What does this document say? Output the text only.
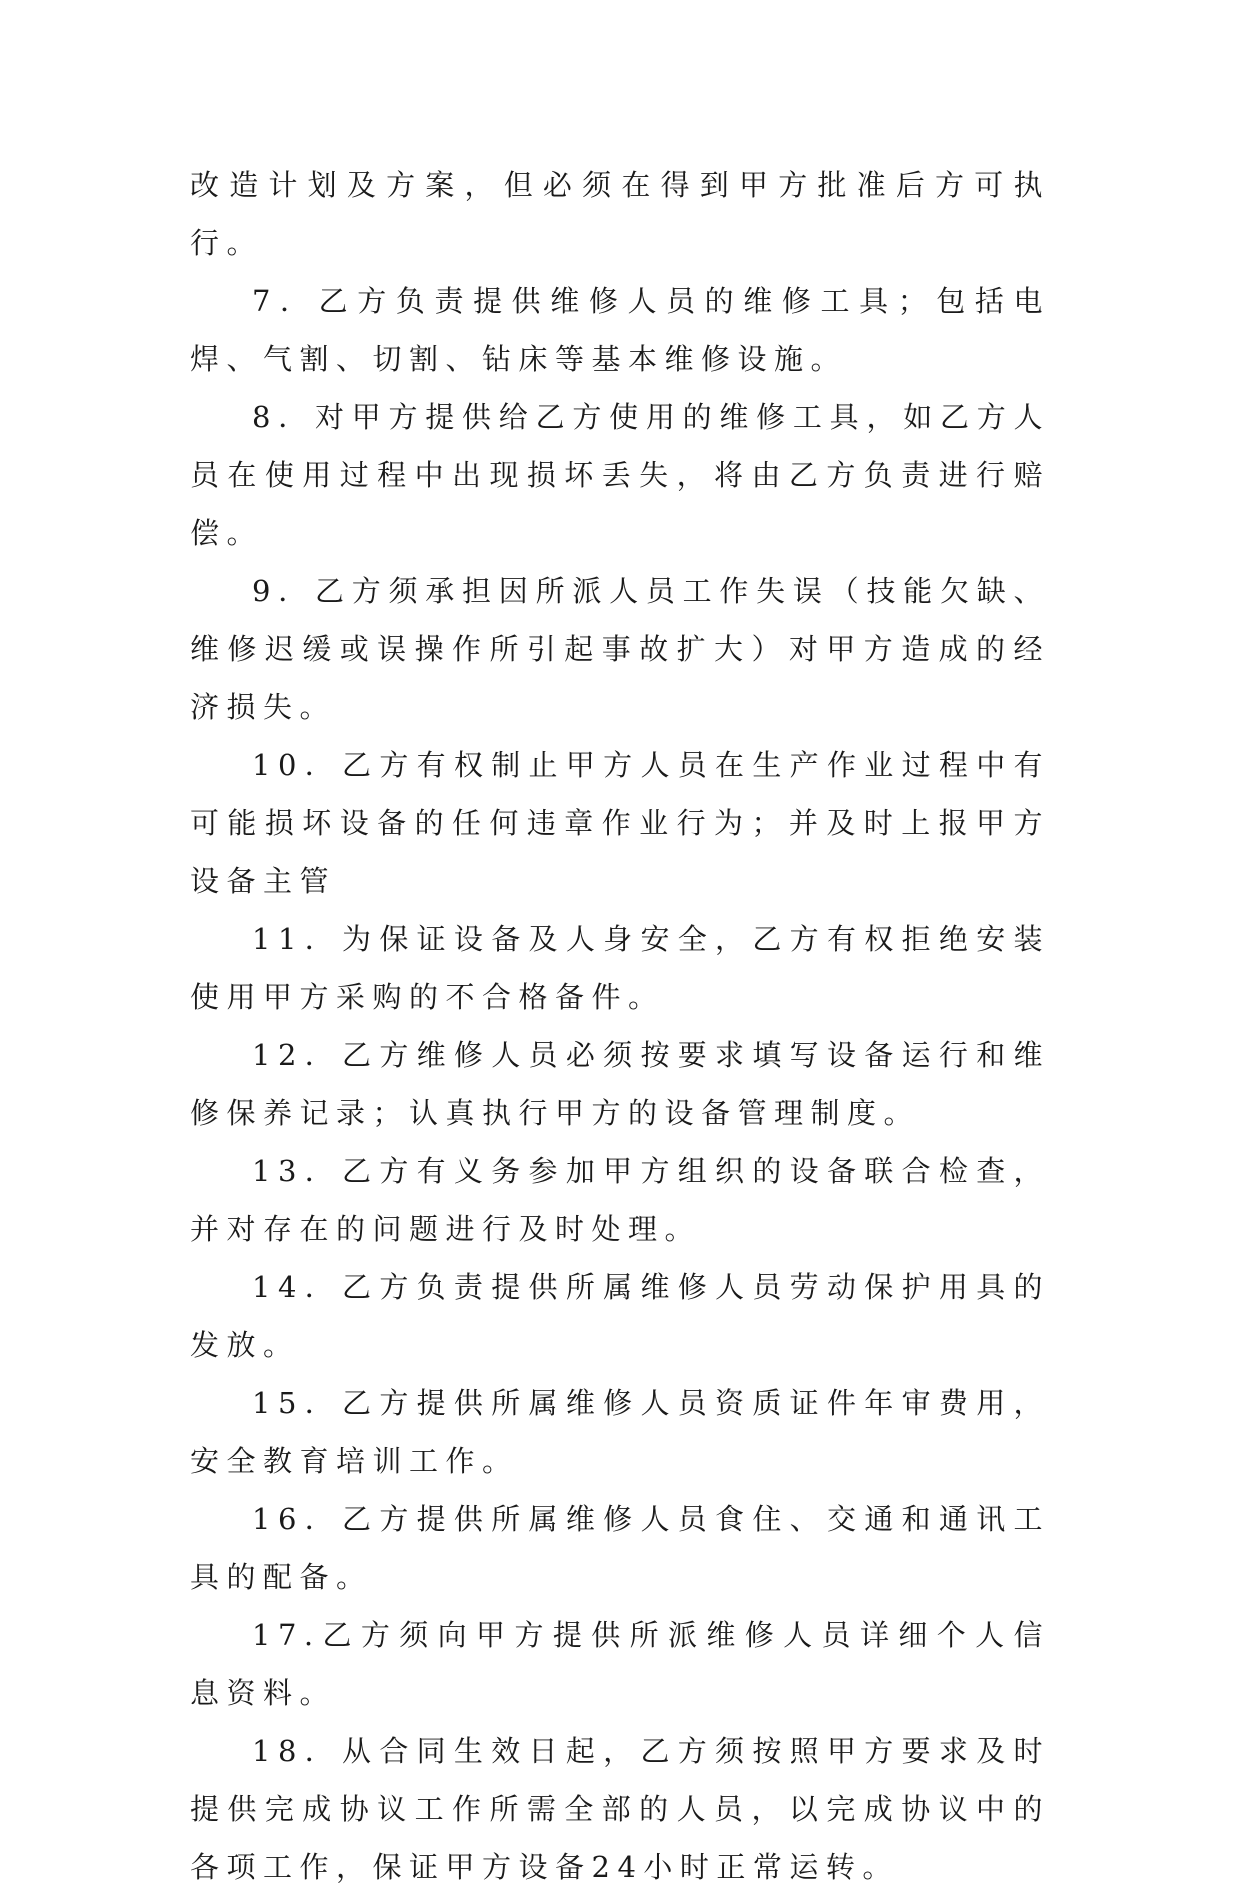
改造计划及方案，但必须在得到甲方批准后方可执行。

7．乙方负责提供维修人员的维修工具；包括电焊、气割、切割、钻床等基本维修设施。

8．对甲方提供给乙方使用的维修工具，如乙方人员在使用过程中出现损坏丢失，将由乙方负责进行赔偿。

9．乙方须承担因所派人员工作失误（技能欠缺、维修迟缓或误操作所引起事故扩大）对甲方造成的经济损失。

10．乙方有权制止甲方人员在生产作业过程中有可能损坏设备的任何违章作业行为；并及时上报甲方设备主管

11．为保证设备及人身安全，乙方有权拒绝安装使用甲方采购的不合格备件。

12．乙方维修人员必须按要求填写设备运行和维修保养记录；认真执行甲方的设备管理制度。

13．乙方有义务参加甲方组织的设备联合检查，并对存在的问题进行及时处理。

14．乙方负责提供所属维修人员劳动保护用具的发放。

15．乙方提供所属维修人员资质证件年审费用，安全教育培训工作。

16．乙方提供所属维修人员食住、交通和通讯工具的配备。

17.乙方须向甲方提供所派维修人员详细个人信息资料。

18．从合同生效日起，乙方须按照甲方要求及时提供完成协议工作所需全部的人员，以完成协议中的各项工作，保证甲方设备24小时正常运转。
